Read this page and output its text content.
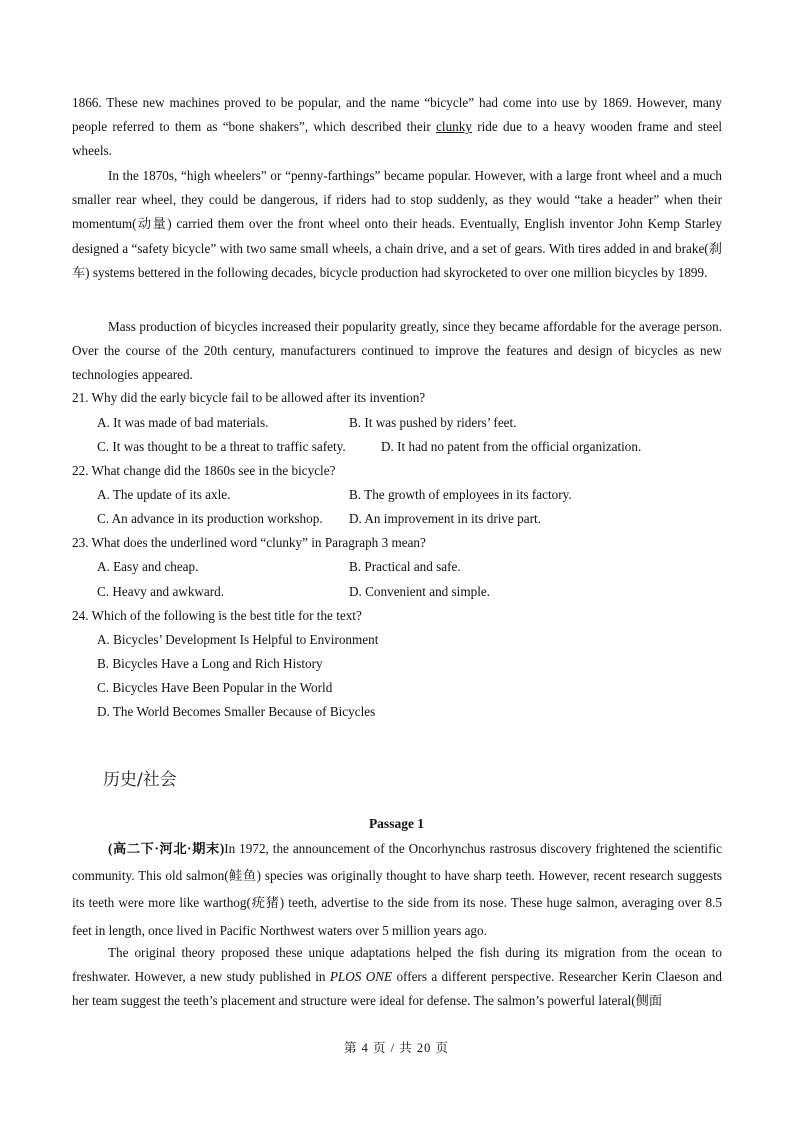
1866. These new machines proved to be popular, and the name “bicycle” had come into use by 1869. However, many people referred to them as “bone shakers”, which described their clunky ride due to a heavy wooden frame and steel wheels.

In the 1870s, “high wheelers” or “penny-farthings” became popular. However, with a large front wheel and a much smaller rear wheel, they could be dangerous, if riders had to stop suddenly, as they would “take a header” when their momentum(动量) carried them over the front wheel onto their heads. Eventually, English inventor John Kemp Starley designed a “safety bicycle” with two same small wheels, a chain drive, and a set of gears. With tires added in and brake(刹车) systems bettered in the following decades, bicycle production had skyrocketed to over one million bicycles by 1899.

Mass production of bicycles increased their popularity greatly, since they became affordable for the average person. Over the course of the 20th century, manufacturers continued to improve the features and design of bicycles as new technologies appeared.

21. Why did the early bicycle fail to be allowed after its invention?
A. It was made of bad materials.	B. It was pushed by riders’ feet.
C. It was thought to be a threat to traffic safety.	D. It had no patent from the official organization.
22. What change did the 1860s see in the bicycle?
A. The update of its axle.	B. The growth of employees in its factory.
C. An advance in its production workshop. D. An improvement in its drive part.
23. What does the underlined word “clunky” in Paragraph 3 mean?
A. Easy and cheap.	B. Practical and safe.
C. Heavy and awkward.	D. Convenient and simple.
24. Which of the following is the best title for the text?
A. Bicycles’ Development Is Helpful to Environment
B. Bicycles Have a Long and Rich History
C. Bicycles Have Been Popular in the World
D. The World Becomes Smaller Because of Bicycles
历史/社会
Passage 1

(高二下·河北·期末)In 1972, the announcement of the Oncorhynchus rastrosus discovery frightened the scientific community. This old salmon(鲑鱼) species was originally thought to have sharp teeth. However, recent research suggests its teeth were more like warthog(疣猪) teeth, advertise to the side from its nose. These huge salmon, averaging over 8.5 feet in length, once lived in Pacific Northwest waters over 5 million years ago.

The original theory proposed these unique adaptations helped the fish during its migration from the ocean to freshwater. However, a new study published in PLOS ONE offers a different perspective. Researcher Kerin Claeson and her team suggest the teeth’s placement and structure were ideal for defense. The salmon’s powerful lateral(侧面

第 4 页 / 共 20 页
